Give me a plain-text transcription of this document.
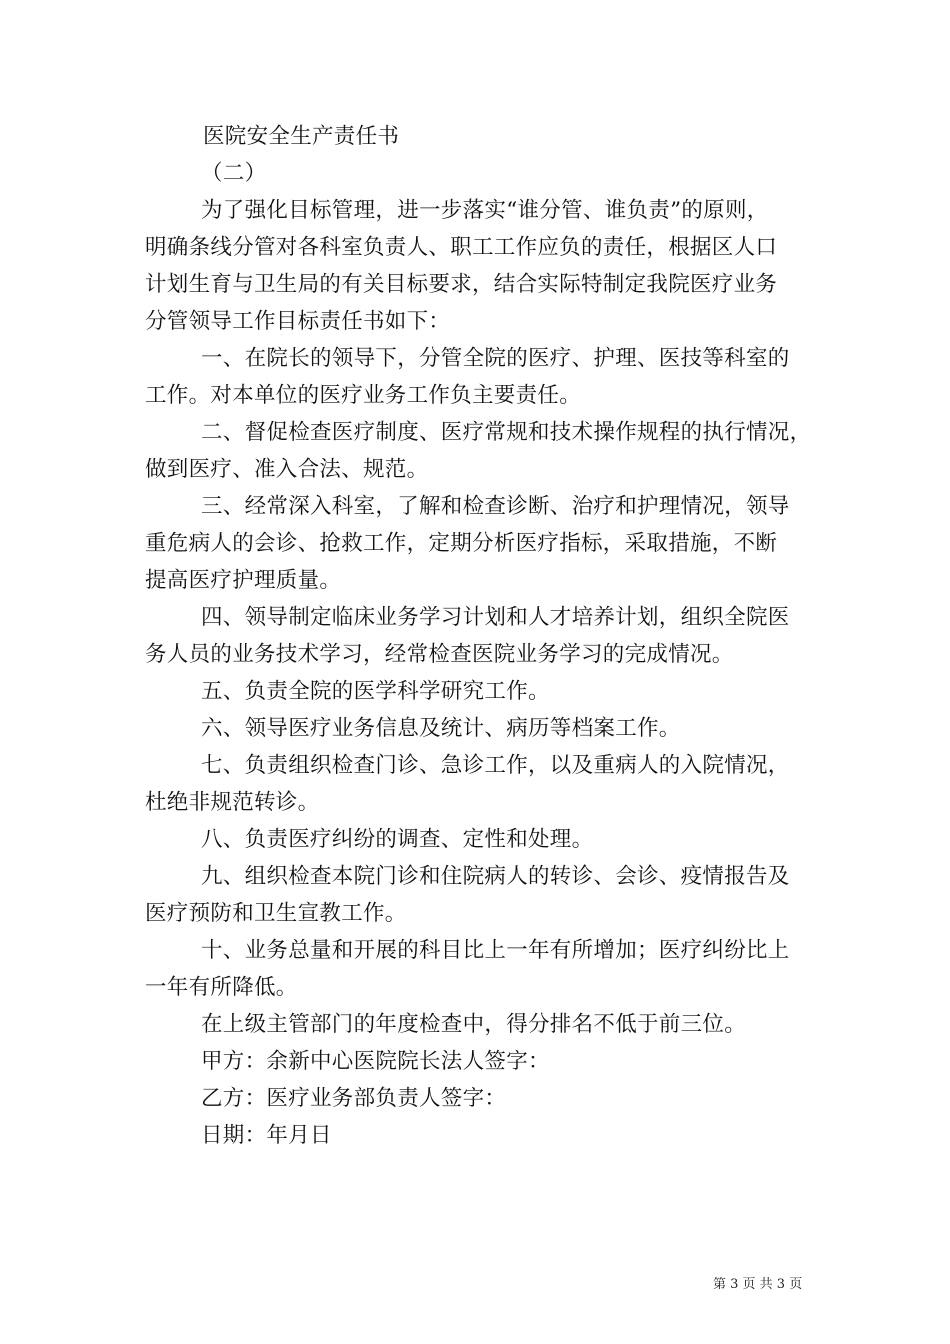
医院安全生产责任书
（二）
为了强化目标管理，进一步落实“谁分管、谁负责”的原则，
明确条线分管对各科室负责人、职工工作应负的责任，根据区人口
计划生育与卫生局的有关目标要求，结合实际特制定我院医疗业务
分管领导工作目标责任书如下：
一、在院长的领导下，分管全院的医疗、护理、医技等科室的
工作。对本单位的医疗业务工作负主要责任。
二、督促检查医疗制度、医疗常规和技术操作规程的执行情况，
做到医疗、准入合法、规范。
三、经常深入科室，了解和检查诊断、治疗和护理情况，领导
重危病人的会诊、抢救工作，定期分析医疗指标，采取措施，不断
提高医疗护理质量。
四、领导制定临床业务学习计划和人才培养计划，组织全院医
务人员的业务技术学习，经常检查医院业务学习的完成情况。
五、负责全院的医学科学研究工作。
六、领导医疗业务信息及统计、病历等档案工作。
七、负责组织检查门诊、急诊工作，以及重病人的入院情况，
杜绝非规范转诊。
八、负责医疗纠纷的调查、定性和处理。
九、组织检查本院门诊和住院病人的转诊、会诊、疫情报告及
医疗预防和卫生宣教工作。
十、业务总量和开展的科目比上一年有所增加；医疗纠纷比上
一年有所降低。
在上级主管部门的年度检查中，得分排名不低于前三位。
甲方：余新中心医院院长法人签字：
乙方：医疗业务部负责人签字：
日期：年月日
第 3 页 共 3 页
